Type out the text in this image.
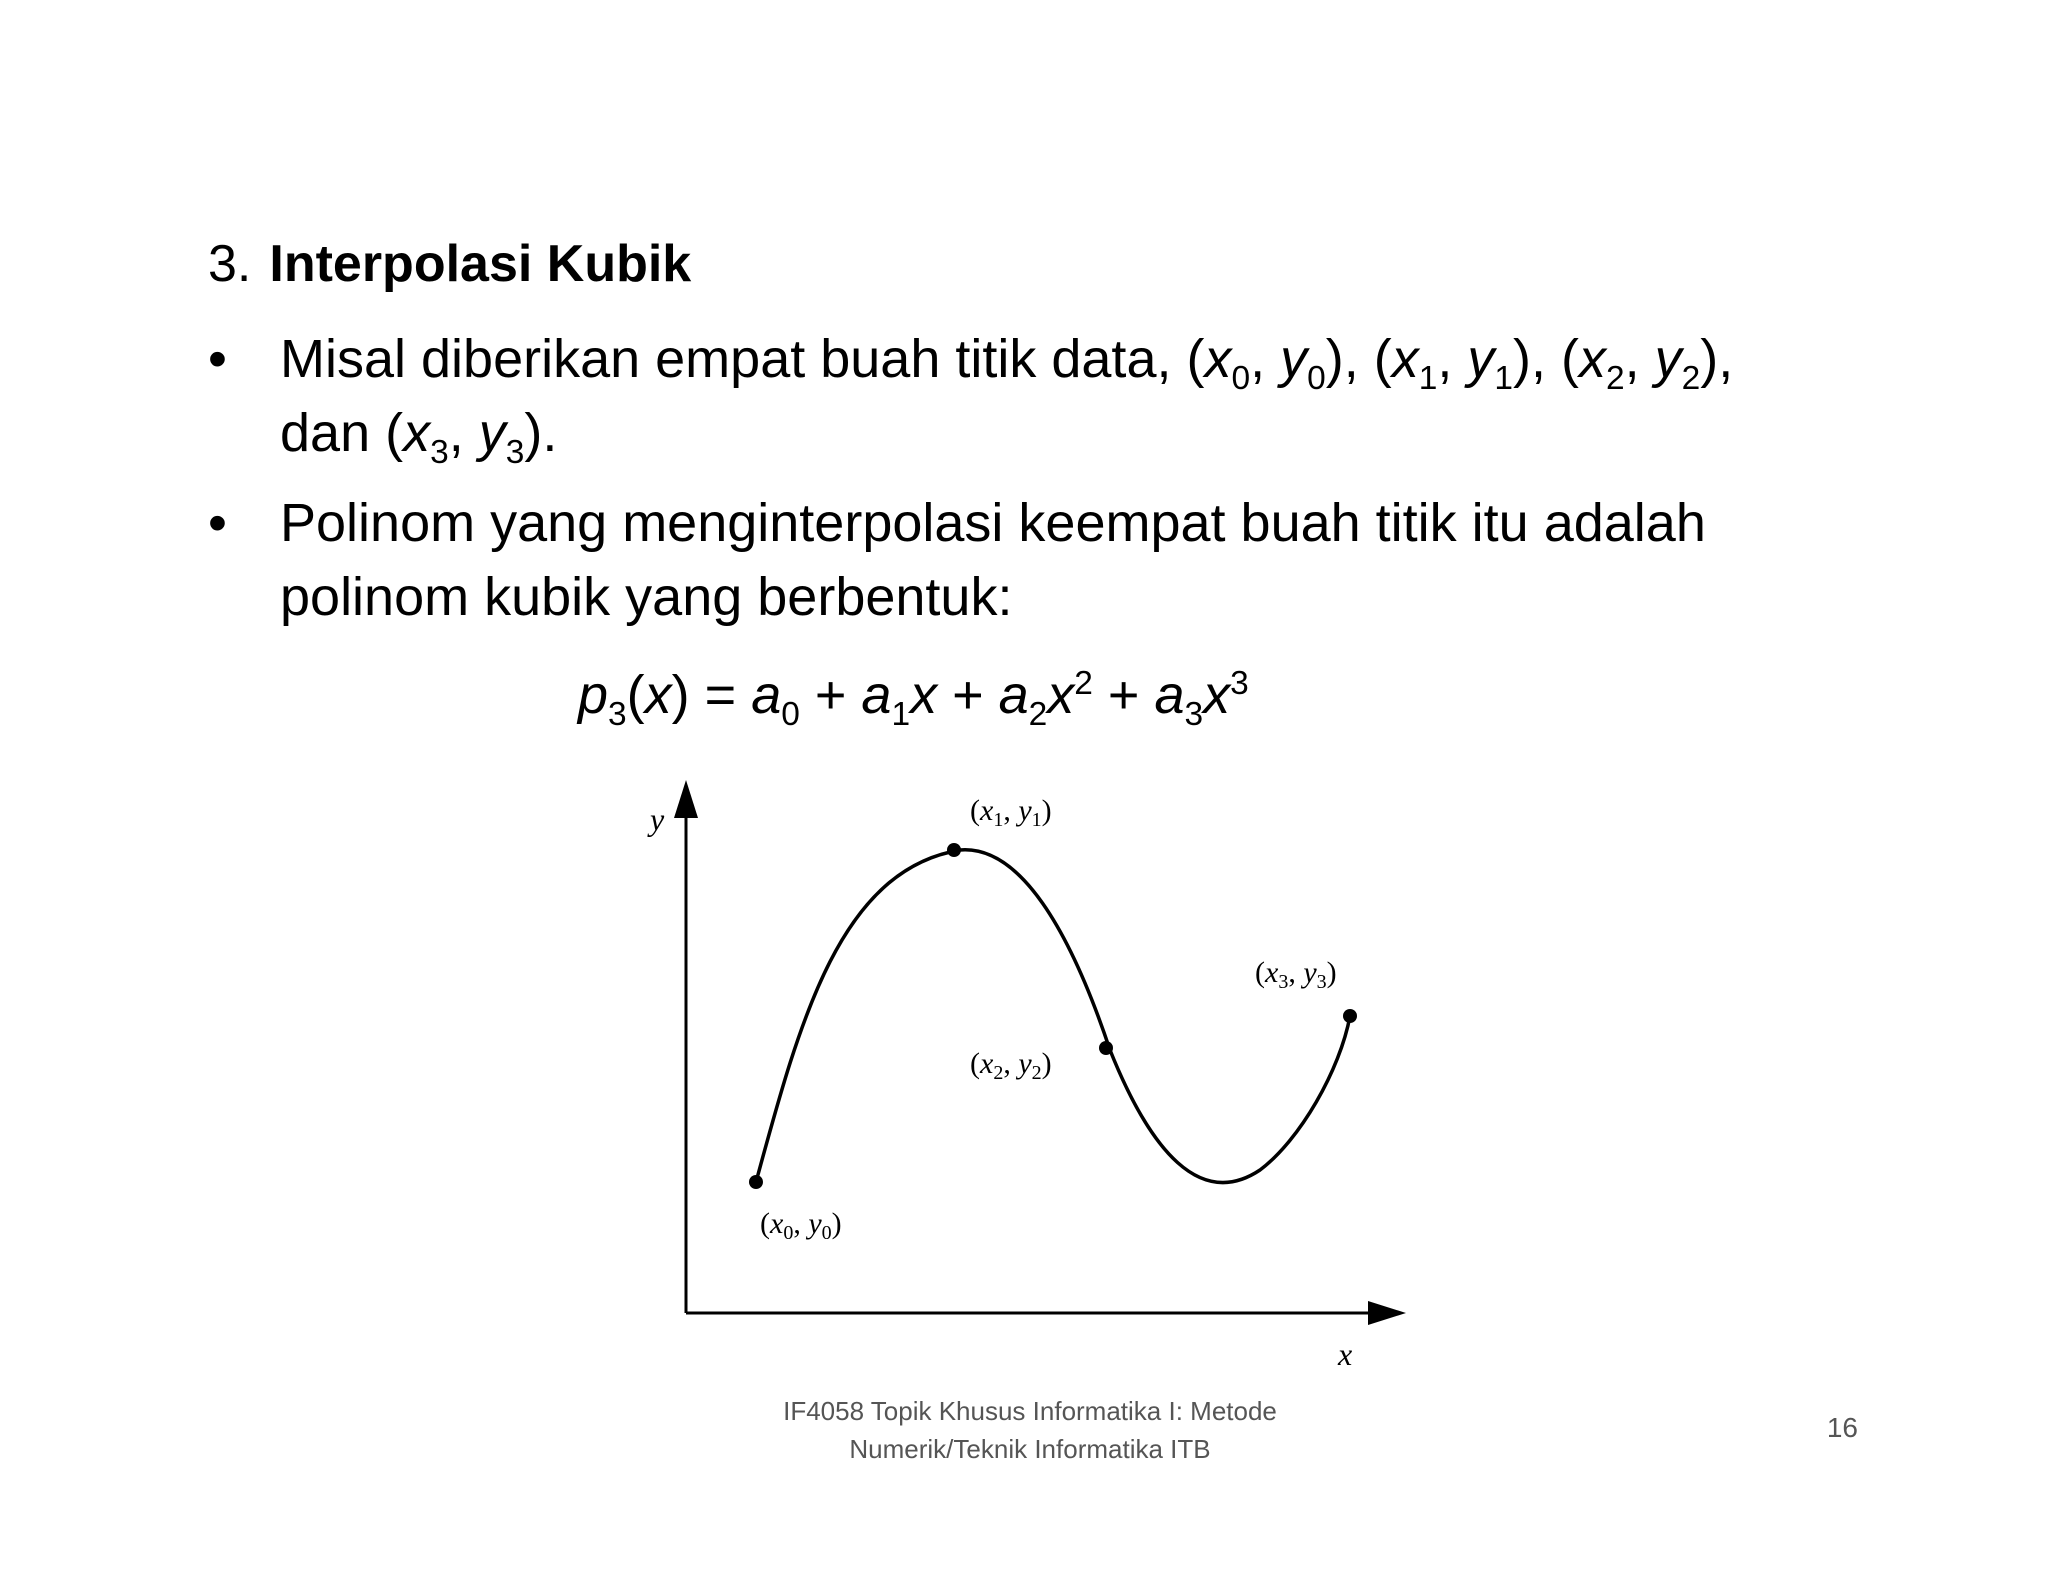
3. Interpolasi Kubik
• Misal diberikan empat buah titik data, ($x_0$, $y_0$), ($x_1$, $y_1$), ($x_2$, $y_2$),
dan ($x_3$, $y_3$).
• Polinom yang menginterpolasi keempat buah titik itu adalah polinom kubik yang berbentuk:
$p_3(x) = a_0 + a_1x + a_2x^2 + a_3x^3$
y
x
($x_0$, $y_0$)
($x_1$, $y_1$)
($x_2$, $y_2$)
($x_3$, $y_3$)
IF4058 Topik Khusus Informatika I: Metode
Numerik/Teknik Informatika ITB
16
